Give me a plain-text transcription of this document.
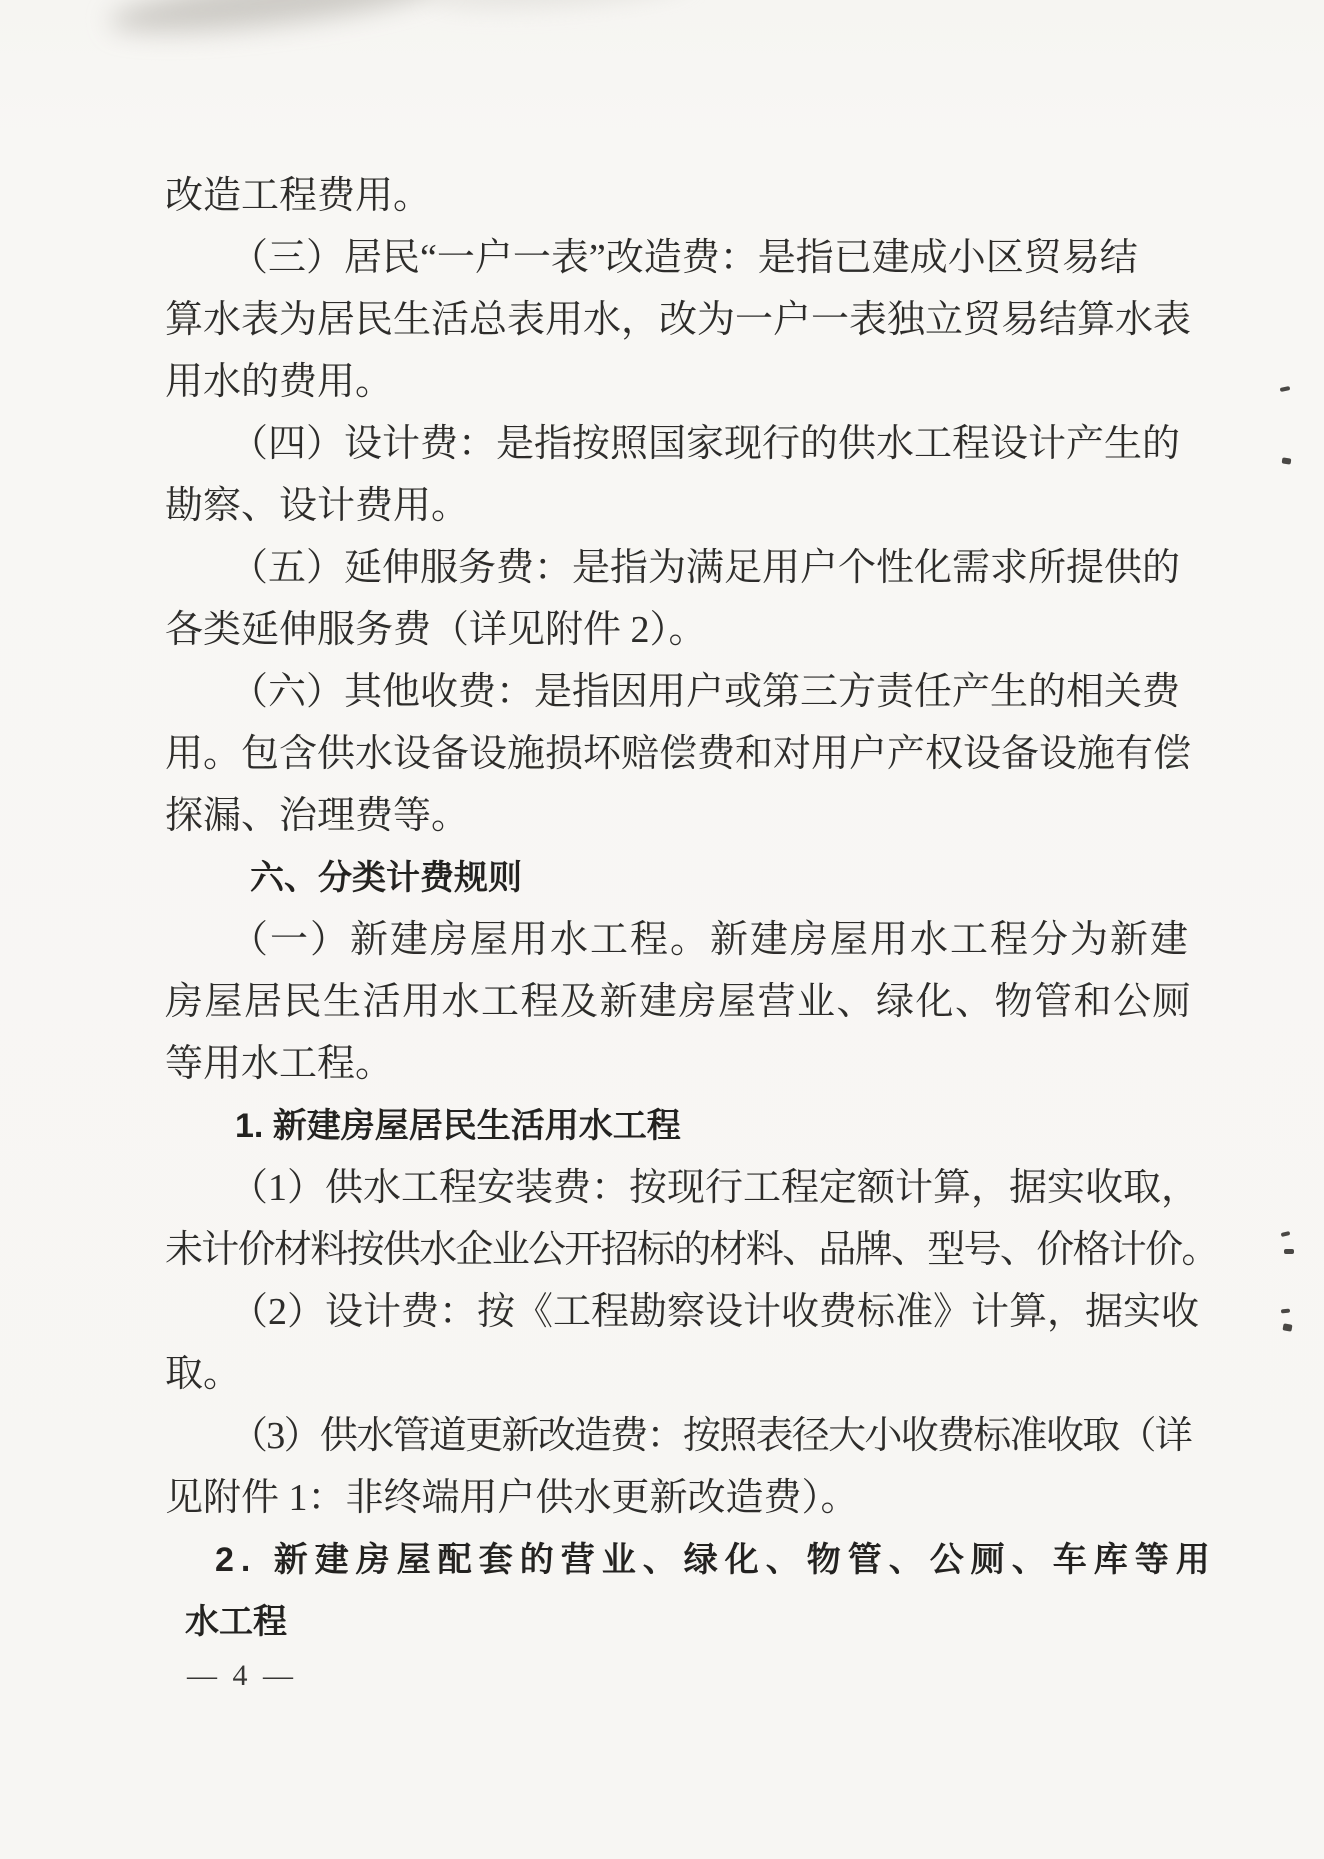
改造工程费用。

（三）居民“一户一表”改造费：是指已建成小区贸易结

算水表为居民生活总表用水，改为一户一表独立贸易结算水表

用水的费用。

（四）设计费：是指按照国家现行的供水工程设计产生的

勘察、设计费用。

（五）延伸服务费：是指为满足用户个性化需求所提供的

各类延伸服务费（详见附件 2）。

（六）其他收费：是指因用户或第三方责任产生的相关费

用。包含供水设备设施损坏赔偿费和对用户产权设备设施有偿

探漏、治理费等。

六、分类计费规则

（一）新建房屋用水工程。新建房屋用水工程分为新建

房屋居民生活用水工程及新建房屋营业、绿化、物管和公厕

等用水工程。

1. 新建房屋居民生活用水工程

（1）供水工程安装费：按现行工程定额计算，据实收取，

未计价材料按供水企业公开招标的材料、品牌、型号、价格计价。

（2）设计费：按《工程勘察设计收费标准》计算，据实收

取。

（3）供水管道更新改造费：按照表径大小收费标准收取（详

见附件 1：非终端用户供水更新改造费）。

2. 新建房屋配套的营业、绿化、物管、公厕、车库等用

水工程

— 4 —
